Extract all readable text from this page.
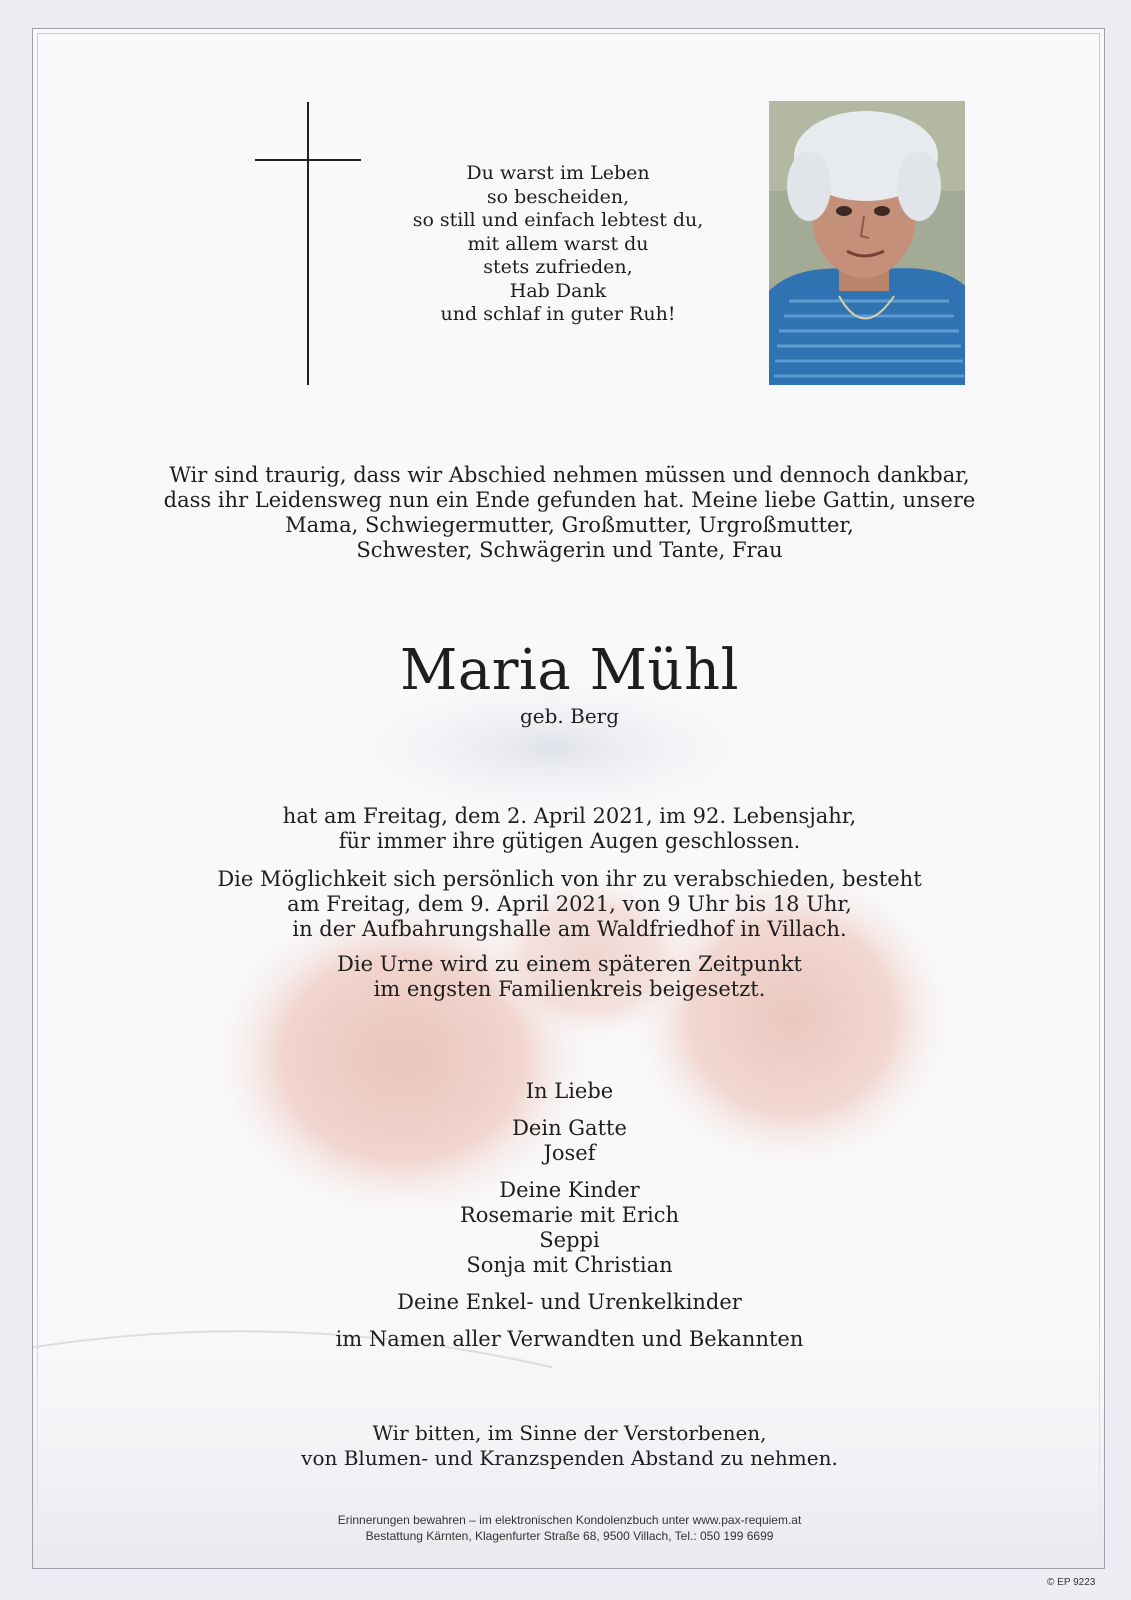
Du warst im Leben
so bescheiden,
so still und einfach lebtest du,
mit allem warst du
stets zufrieden,
Hab Dank
und schlaf in guter Ruh!
Wir sind traurig, dass wir Abschied nehmen müssen und dennoch dankbar,
dass ihr Leidensweg nun ein Ende gefunden hat. Meine liebe Gattin, unsere
Mama, Schwiegermutter, Großmutter, Urgroßmutter,
Schwester, Schwägerin und Tante, Frau
Maria Mühl
geb. Berg
hat am Freitag, dem 2. April 2021, im 92. Lebensjahr,
für immer ihre gütigen Augen geschlossen.
Die Möglichkeit sich persönlich von ihr zu verabschieden, besteht
am Freitag, dem 9. April 2021, von 9 Uhr bis 18 Uhr,
in der Aufbahrungshalle am Waldfriedhof in Villach.
Die Urne wird zu einem späteren Zeitpunkt
im engsten Familienkreis beigesetzt.
In Liebe
Dein Gatte
Josef
Deine Kinder
Rosemarie mit Erich
Seppi
Sonja mit Christian
Deine Enkel- und Urenkelkinder
im Namen aller Verwandten und Bekannten
Wir bitten, im Sinne der Verstorbenen,
von Blumen- und Kranzspenden Abstand zu nehmen.
Erinnerungen bewahren – im elektronischen Kondolenzbuch unter www.pax-requiem.at
Bestattung Kärnten, Klagenfurter Straße 68, 9500 Villach, Tel.: 050 199 6699
© EP 9223
